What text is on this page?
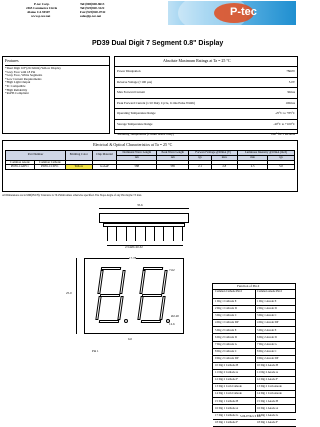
P-tec Corp.
2465 Commerce Circle
Alamo CA 94507
www.p-tec.net
Tel:(800)848-8613
Tel:(925)820-3122
Fax:(925)820-0742
sales@p-tec.net	P-tec
PD39 Dual Digit 7 Segment 0.8" Display
Features
*Dual Digit 0.8"(20.32mm) Yellow Display
*Grey Face with 18 Pin
*Gray Face, White Segments
*Low Current Requirements
*High Light Output
*IC Compatible
*High Reliability
*RoHS Compliant
Absolute Maximum Ratings at Ta = 25 °C
Power Dissipation	78mW
Reverse Voltage (>100 µA)	5.0V
Max Forward Current	30mA
Peak Forward Current (1/10 Duty Cycle, 0.1ms Pulse Width)	100mA
Operating Temperature Range	-25°C to +85°C
Storage Temperature Range	-40°C to +100°C
Soldering Temperature (1.6mm below body)	260° for 5 seconds
Electrical & Optical Characteristics at Ta = 25 °C
Part Number		Emitting Color	Chip Material	Dominant Wave Length	Peak Wave Length	Forward Voltage @20mA (V)		Luminous Intensity @10mA (mcd)	
				nm	nm	typ	max	min	typ
Common Anode	Common Cathode								
PD39-CADY1	PD39-CCDY1	Yellow	GaAsP	588	585	2.1	2.8	2.5	5.0
All Dimensions are in MM(INCH). Tolerance is ±0.25mm unless otherwise specified. The Slope Angle of any Pin maybe ±5 max.
35.6
2.54x8=20.32
17.78
7.62
12.6
Ø2.20
25.0
6.0
Pin 1
Function of Pin #
Common Cathode Pin #	Common Anode Pin #
1 Dig 1 Cathode E	1 Dig 1 Anode E
2 Dig 1 Cathode D	2 Dig 1 Anode D
3 Dig 1 Cathode C	3 Dig 1 Anode C
4 Dig 1 Cathode DP	4 Dig 1 Anode DP
5 Dig 2 Cathode E	5 Dig 2 Anode E
6 Dig 2 Cathode D	6 Dig 2 Anode D
7 Dig 2 Cathode G	7 Dig 2 Anode G
8 Dig 2 Cathode C	8 Dig 2 Anode C
9 Dig 2 Cathode DP	9 Dig 2 Anode DP
10 Dig 2 Cathode B	10 Dig 2 Anode B
11 Dig 2 Cathode A	11 Dig 2 Anode A
12 Dig 2 Cathode F	12 Dig 2 Anode F
13 Dig 2 Com Cathode	13 Dig 2 Com Anode
14 Dig 1 Com Cathode	14 Dig 1 Com Anode
15 Dig 1 Cathode B	15 Dig 1 Anode B
16 Dig 1 Cathode A	16 Dig 1 Anode A
17 Dig 1 Cathode G	17 Dig 1 Anode G
18 Dig 1 Cathode F	18 Dig 1 Anode F
5-06-07 Rev 0 RB
